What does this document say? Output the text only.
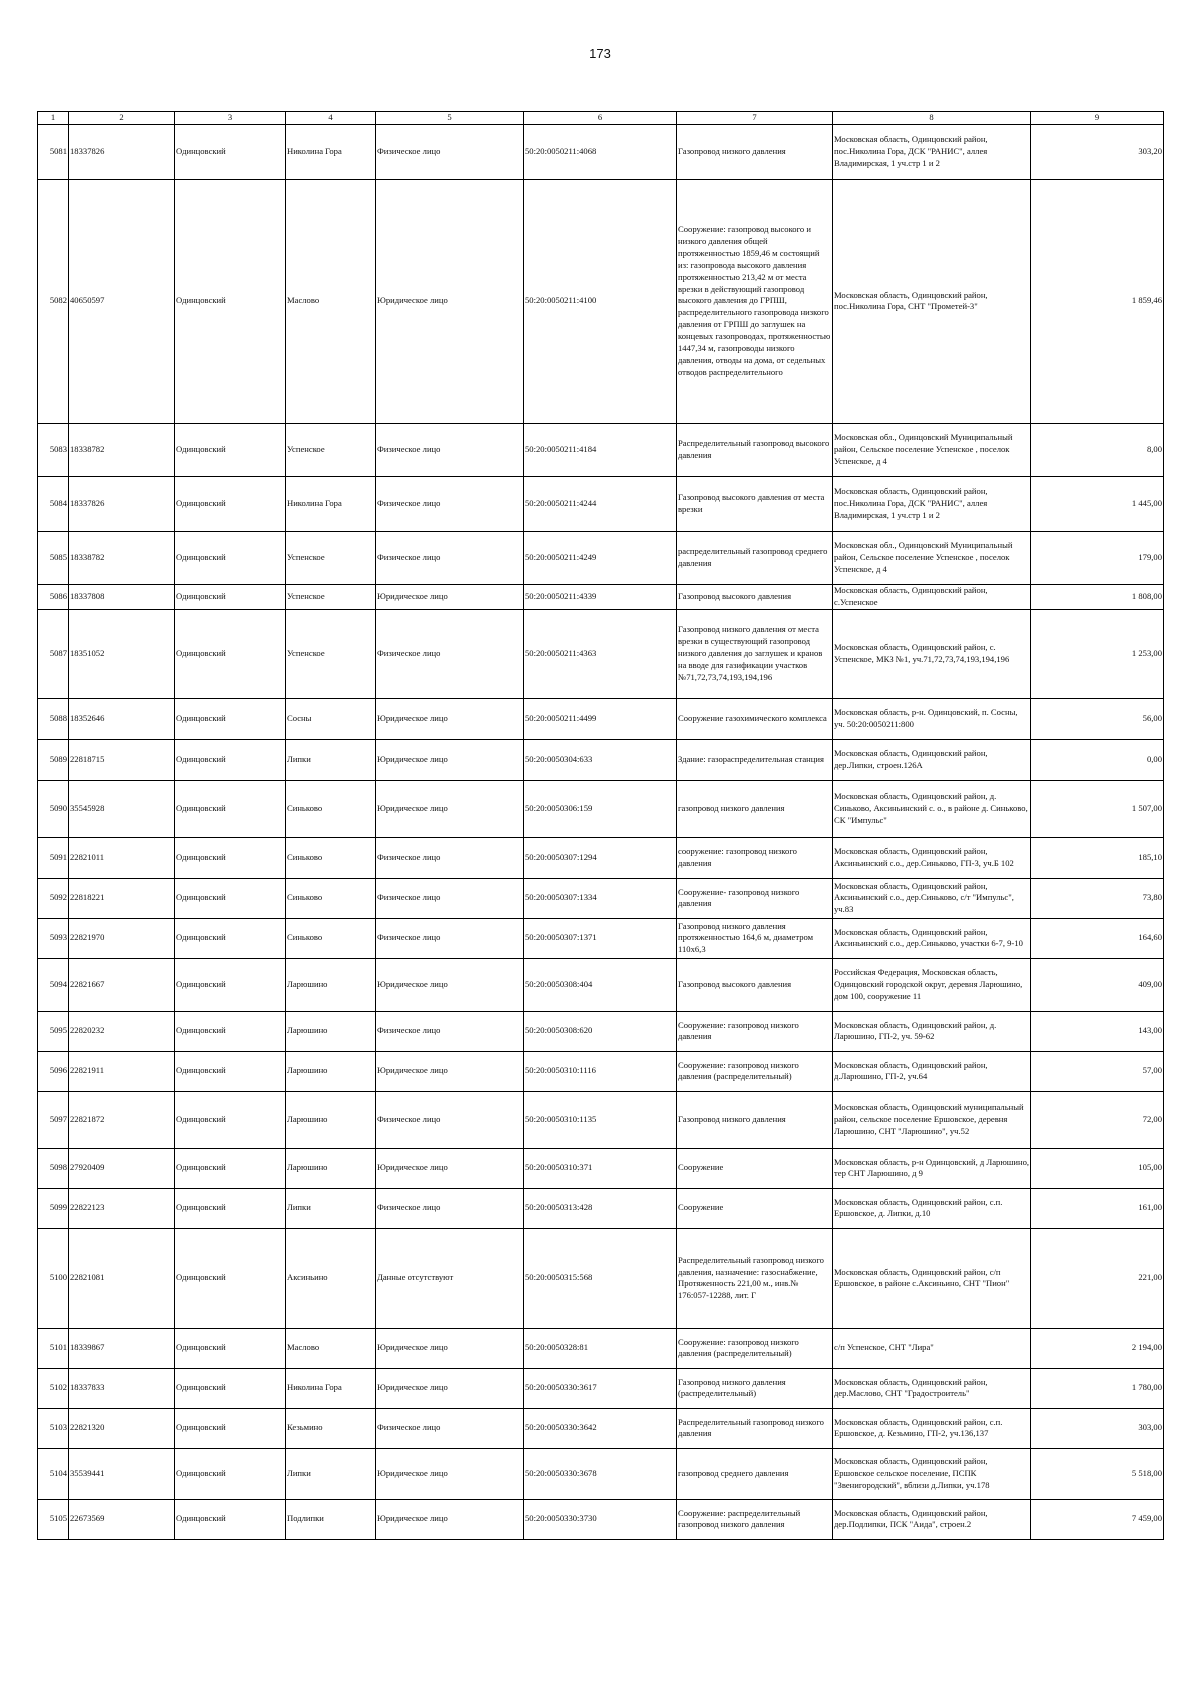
173
1	2	3	4	5	6	7	8	9
5081	18337826	Одинцовский	Николина Гора	Физическое лицо	50:20:0050211:4068	Газопровод низкого давления	Московская область, Одинцовский район, пос.Николина Гора, ДСК "РАНИС", аллея Владимирская, 1 уч.стр 1 и 2	303,20
5082	40650597	Одинцовский	Маслово	Юридическое лицо	50:20:0050211:4100	Сооружение: газопровод высокого и низкого давления общей протяженностью 1859,46 м состоящий из: газопровода высокого давления протяженностью 213,42 м от места врезки в действующий газопровод высокого давления до ГРПШ, распределительного газопровода низкого давления от ГРПШ до заглушек на концевых газопроводах, протяженностью 1447,34 м, газопроводы низкого давления, отводы на дома, от седельных отводов распределительного	Московская область, Одинцовский район, пос.Николина Гора, СНТ "Прометей-3"	1 859,46
5083	18338782	Одинцовский	Успенское	Физическое лицо	50:20:0050211:4184	Распределительный газопровод высокого давления	Московская обл., Одинцовский Муниципальный район, Сельское поселение Успенское , поселок Успенское, д 4	8,00
5084	18337826	Одинцовский	Николина Гора	Физическое лицо	50:20:0050211:4244	Газопровод высокого давления от места врезки	Московская область, Одинцовский район, пос.Николина Гора, ДСК "РАНИС", аллея Владимирская, 1 уч.стр 1 и 2	1 445,00
5085	18338782	Одинцовский	Успенское	Физическое лицо	50:20:0050211:4249	распределительный газопровод среднего давления	Московская обл., Одинцовский Муниципальный район, Сельское поселение Успенское , поселок Успенское, д 4	179,00
5086	18337808	Одинцовский	Успенское	Юридическое лицо	50:20:0050211:4339	Газопровод высокого давления	Московская область, Одинцовский район, с.Успенское	1 808,00
5087	18351052	Одинцовский	Успенское	Физическое лицо	50:20:0050211:4363	Газопровод низкого давления от места врезки в существующий газопровод низкого давления до заглушек и кранов на вводе для газификации участков №71,72,73,74,193,194,196	Московская область, Одинцовский район, с. Успенское, МКЗ №1, уч.71,72,73,74,193,194,196	1 253,00
5088	18352646	Одинцовский	Сосны	Юридическое лицо	50:20:0050211:4499	Сооружение газохимического комплекса	Московская область, р-н. Одинцовский, п. Сосны, уч. 50:20:0050211:800	56,00
5089	22818715	Одинцовский	Липки	Юридическое лицо	50:20:0050304:633	Здание: газораспределительная станция	Московская область, Одинцовский район, дер.Липки, строен.126А	0,00
5090	35545928	Одинцовский	Синьково	Юридическое лицо	50:20:0050306:159	газопровод низкого давления	Московская область, Одинцовский район, д. Синьково, Аксиньинский с. о., в районе д. Синьково, СК "Импульс"	1 507,00
5091	22821011	Одинцовский	Синьково	Физическое лицо	50:20:0050307:1294	сооружение: газопровод низкого давления	Московская область, Одинцовский район, Аксиньинский с.о., дер.Синьково, ГП-3, уч.Б 102	185,10
5092	22818221	Одинцовский	Синьково	Физическое лицо	50:20:0050307:1334	Сооружение- газопровод низкого давления	Московская область, Одинцовский район, Аксиньинский с.о., дер.Синьково, с/т "Импульс", уч.83	73,80
5093	22821970	Одинцовский	Синьково	Физическое лицо	50:20:0050307:1371	Газопровод низкого давления протяженностью 164,6 м, диаметром 110х6,3	Московская область, Одинцовский район, Аксиньинский с.о., дер.Синьково, участки 6-7, 9-10	164,60
5094	22821667	Одинцовский	Ларюшино	Юридическое лицо	50:20:0050308:404	Газопровод высокого давления	Российская Федерация, Московская область, Одинцовский городской округ, деревня Ларюшино, дом 100, сооружение 11	409,00
5095	22820232	Одинцовский	Ларюшино	Физическое лицо	50:20:0050308:620	Сооружение: газопровод низкого давления	Московская область, Одинцовский район, д. Ларюшино, ГП-2, уч. 59-62	143,00
5096	22821911	Одинцовский	Ларюшино	Юридическое лицо	50:20:0050310:1116	Сооружение: газопровод низкого давления (распределительный)	Московская область, Одинцовский район, д.Ларюшино, ГП-2, уч.64	57,00
5097	22821872	Одинцовский	Ларюшино	Физическое лицо	50:20:0050310:1135	Газопровод низкого давления	Московская область, Одинцовский муниципальный район, сельское поселение Ершовское, деревня Ларюшино, СНТ "Ларюшино", уч.52	72,00
5098	27920409	Одинцовский	Ларюшино	Юридическое лицо	50:20:0050310:371	Сооружение	Московская область, р-н Одинцовский, д Ларюшино, тер СНТ Ларюшино, д 9	105,00
5099	22822123	Одинцовский	Липки	Физическое лицо	50:20:0050313:428	Сооружение	Московская область, Одинцовский район, с.п. Ершовское, д. Липки, д.10	161,00
5100	22821081	Одинцовский	Аксиньино	Данные отсутствуют	50:20:0050315:568	Распределительный газопровод низкого давления, назначение: газоснабжение, Протяженность 221,00 м., инв.№ 176:057-12288, лит. Г	Московская область, Одинцовский район, с/п Ершовское, в районе с.Аксиньино, СНТ "Пион"	221,00
5101	18339867	Одинцовский	Маслово	Юридическое лицо	50:20:0050328:81	Сооружение: газопровод низкого давления (распределительный)	с/п Успенское, СНТ "Лира"	2 194,00
5102	18337833	Одинцовский	Николина Гора	Юридическое лицо	50:20:0050330:3617	Газопровод низкого давления (распределительный)	Московская область, Одинцовский район, дер.Маслово, СНТ "Градостроитель"	1 780,00
5103	22821320	Одинцовский	Кезьмино	Физическое лицо	50:20:0050330:3642	Распределительный газопровод низкого давления	Московская область, Одинцовский район, с.п. Ершовское, д. Кезьмино, ГП-2, уч.136,137	303,00
5104	35539441	Одинцовский	Липки	Юридическое лицо	50:20:0050330:3678	газопровод среднего давления	Московская область, Одинцовский район, Ершовское сельское поселение, ПСПК "Звенигородский", вблизи д.Липки, уч.178	5 518,00
5105	22673569	Одинцовский	Подлипки	Юридическое лицо	50:20:0050330:3730	Сооружение: распределительный газопровод низкого давления	Московская область, Одинцовский район, дер.Подлипки, ПСК "Аида", строен.2	7 459,00
